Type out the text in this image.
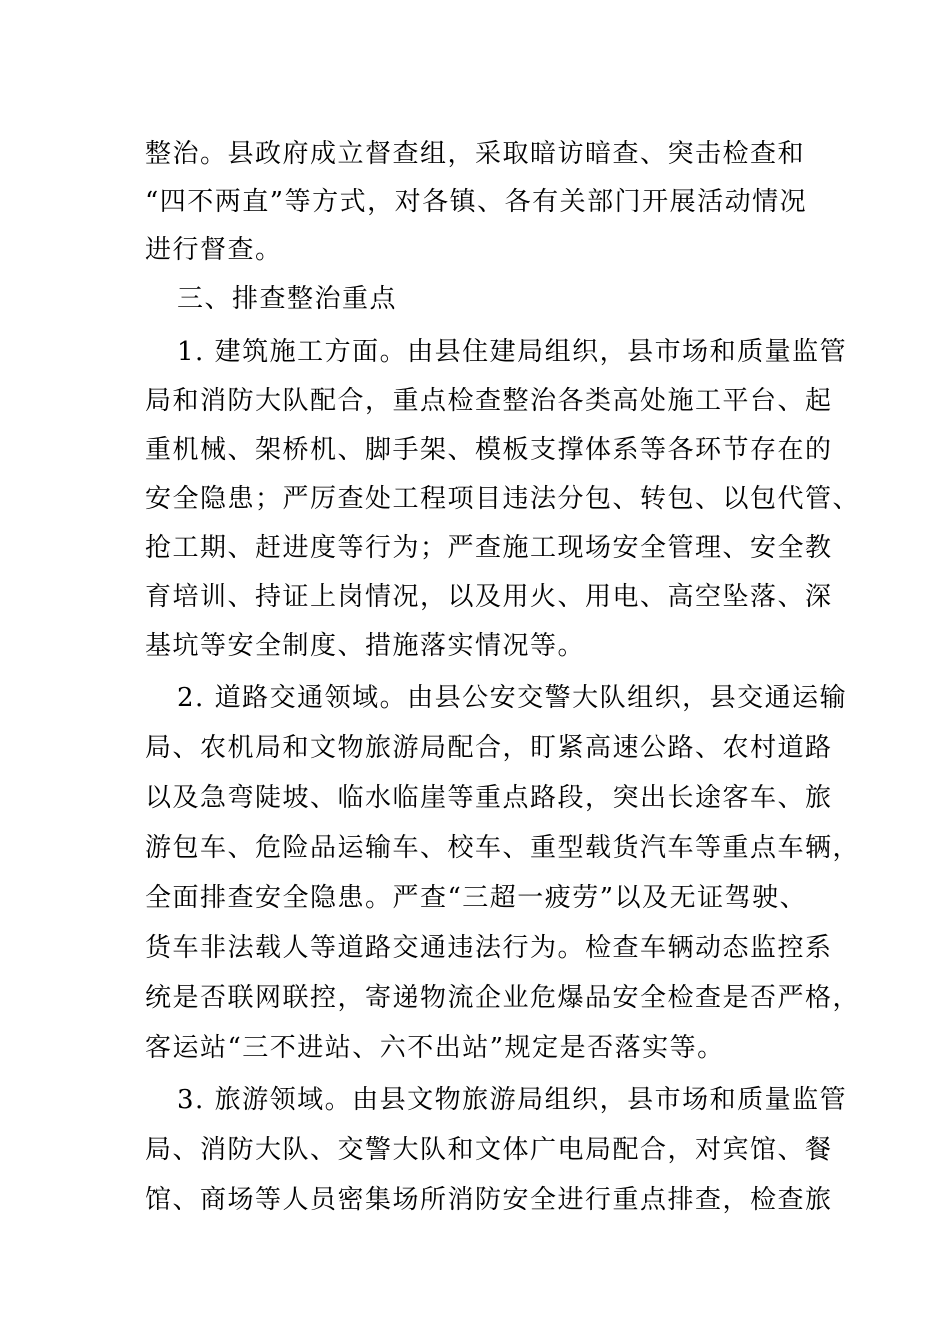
整治。县政府成立督查组，采取暗访暗查、突击检查和
“四不两直”等方式，对各镇、各有关部门开展活动情况
进行督查。
三、排查整治重点
1. 建筑施工方面。由县住建局组织，县市场和质量监管
局和消防大队配合，重点检查整治各类高处施工平台、起
重机械、架桥机、脚手架、模板支撑体系等各环节存在的
安全隐患；严厉查处工程项目违法分包、转包、以包代管、
抢工期、赶进度等行为；严查施工现场安全管理、安全教
育培训、持证上岗情况，以及用火、用电、高空坠落、深
基坑等安全制度、措施落实情况等。
2. 道路交通领域。由县公安交警大队组织，县交通运输
局、农机局和文物旅游局配合，盯紧高速公路、农村道路
以及急弯陡坡、临水临崖等重点路段，突出长途客车、旅
游包车、危险品运输车、校车、重型载货汽车等重点车辆，
全面排查安全隐患。严查“三超一疲劳”以及无证驾驶、
货车非法载人等道路交通违法行为。检查车辆动态监控系
统是否联网联控，寄递物流企业危爆品安全检查是否严格，
客运站“三不进站、六不出站”规定是否落实等。
3. 旅游领域。由县文物旅游局组织，县市场和质量监管
局、消防大队、交警大队和文体广电局配合，对宾馆、餐
馆、商场等人员密集场所消防安全进行重点排查，检查旅
